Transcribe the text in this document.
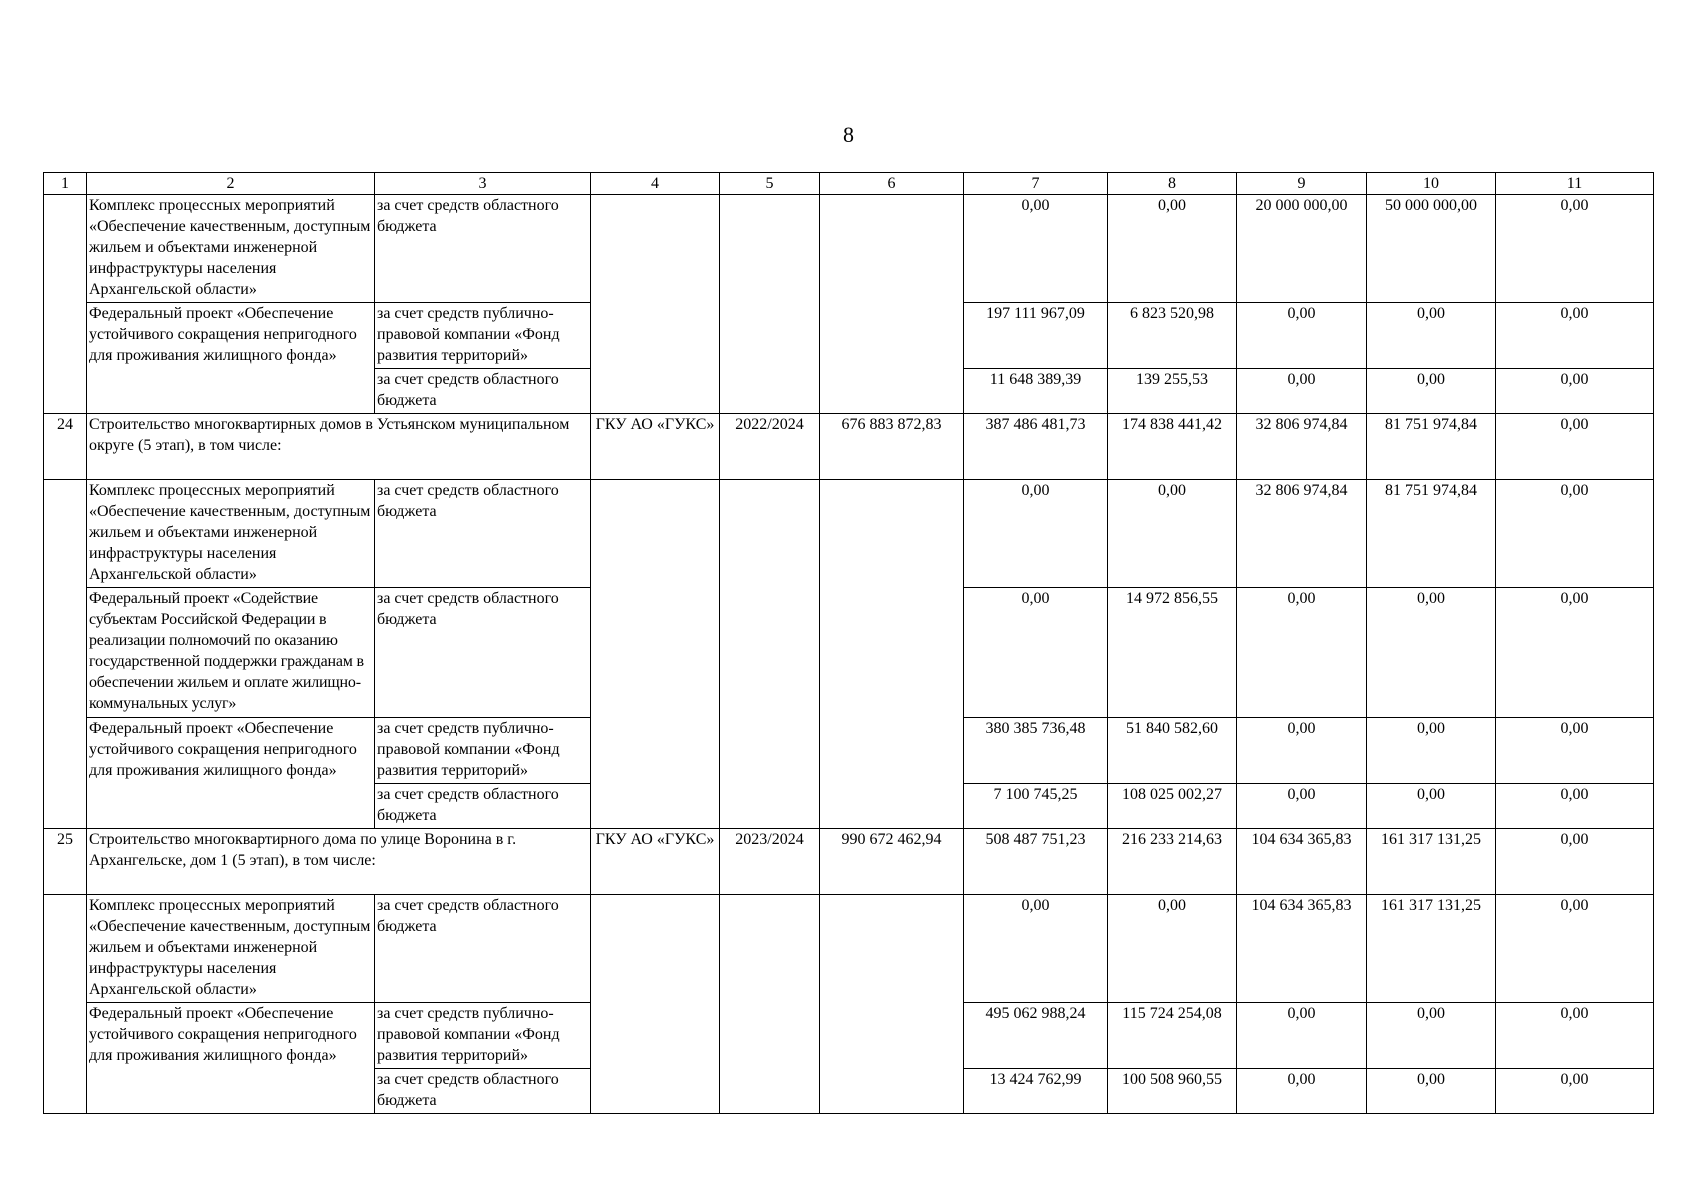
8
1	2	3	4	5	6	7	8	9	10	11
	Комплекс процессных мероприятий «Обеспечение качественным, доступным жильем и объектами инженерной инфраструктуры населения Архангельской области»	за счет средств областного бюджета				0,00	0,00	20 000 000,00	50 000 000,00	0,00
	Федеральный проект «Обеспечение устойчивого сокращения непригодного для проживания жилищного фонда»	за счет средств публично-правовой компании «Фонд развития территорий»				197 111 967,09	6 823 520,98	0,00	0,00	0,00
		за счет средств областного бюджета				11 648 389,39	139 255,53	0,00	0,00	0,00
24	Строительство многоквартирных домов в Устьянском муниципальном округе (5 этап), в том числе:		ГКУ АО «ГУКС»	2022/2024	676 883 872,83	387 486 481,73	174 838 441,42	32 806 974,84	81 751 974,84	0,00
	Комплекс процессных мероприятий «Обеспечение качественным, доступным жильем и объектами инженерной инфраструктуры населения Архангельской области»	за счет средств областного бюджета				0,00	0,00	32 806 974,84	81 751 974,84	0,00
	Федеральный проект «Содействие субъектам Российской Федерации в реализации полномочий по оказанию государственной поддержки гражданам в обеспечении жильем и оплате жилищно-коммунальных услуг»	за счет средств областного бюджета				0,00	14 972 856,55	0,00	0,00	0,00
	Федеральный проект «Обеспечение устойчивого сокращения непригодного для проживания жилищного фонда»	за счет средств публично-правовой компании «Фонд развития территорий»				380 385 736,48	51 840 582,60	0,00	0,00	0,00
		за счет средств областного бюджета				7 100 745,25	108 025 002,27	0,00	0,00	0,00
25	Строительство многоквартирного дома по улице Воронина в г. Архангельске, дом 1 (5 этап), в том числе:		ГКУ АО «ГУКС»	2023/2024	990 672 462,94	508 487 751,23	216 233 214,63	104 634 365,83	161 317 131,25	0,00
	Комплекс процессных мероприятий «Обеспечение качественным, доступным жильем и объектами инженерной инфраструктуры населения Архангельской области»	за счет средств областного бюджета				0,00	0,00	104 634 365,83	161 317 131,25	0,00
	Федеральный проект «Обеспечение устойчивого сокращения непригодного для проживания жилищного фонда»	за счет средств публично-правовой компании «Фонд развития территорий»				495 062 988,24	115 724 254,08	0,00	0,00	0,00
		за счет средств областного бюджета				13 424 762,99	100 508 960,55	0,00	0,00	0,00
